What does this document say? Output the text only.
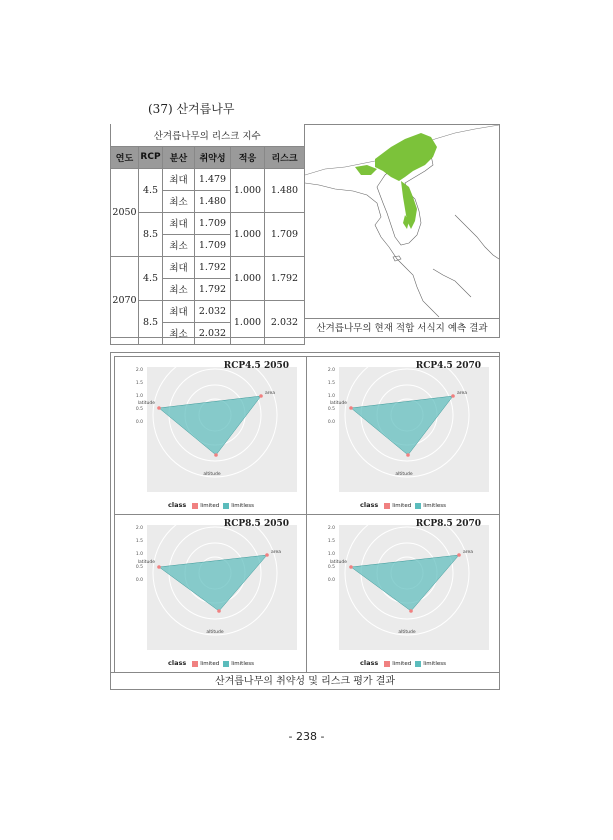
(37) 산겨릅나무
산겨릅나무의 리스크 지수					
연도	RCP	분산	취약성	적응	리스크
2050	4.5	최대	1.479	1.000	1.480
		최소	1.480		
	8.5	최대	1.709	1.000	1.709
		최소	1.709		
2070	4.5	최대	1.792	1.000	1.792
		최소	1.792		
	8.5	최대	2.032	1.000	2.032
		최소	2.032			산겨릅나무의 현재 적합 서식지 예측 결과
2.0
1.5
1.0
0.5
0.0
area
latitude
altitude
RCP4.5 2050
class	limited limitless
2.0
1.5
1.0
0.5
0.0
area
latitude
altitude
RCP4.5 2070
class	limited limitless
2.0
1.5
1.0
0.5
0.0
area
latitude
altitude
RCP8.5 2050
class	limited limitless
2.0
1.5
1.0
0.5
0.0
area
latitude
altitude
RCP8.5 2070
class	limited limitless
산겨릅나무의 취약성 및 리스크 평가 결과
- 238 -
